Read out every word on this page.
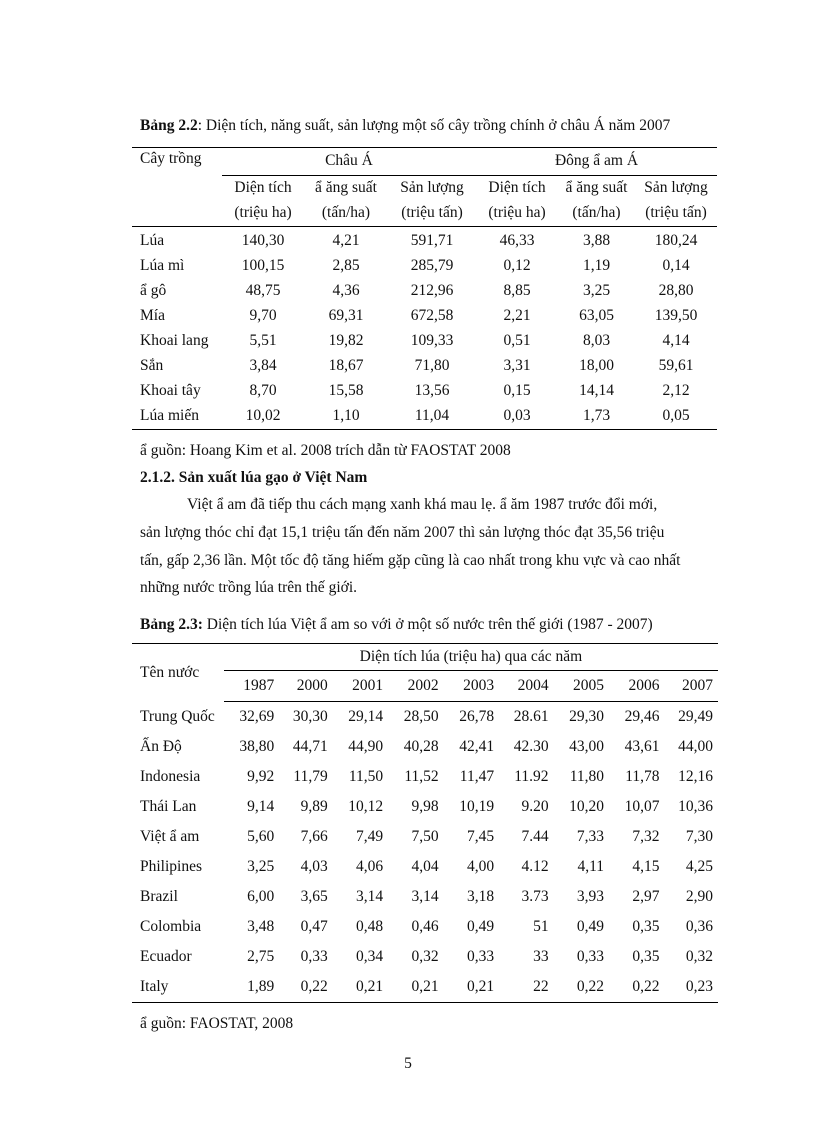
Bảng 2.2: Diện tích, năng suất, sản lượng một số cây trồng chính ở châu Á năm 2007
Cây trồng	Châu Á			Đông ẩ am Á		
	Diện tích	ẩ ăng suất	Sản lượng	Diện tích	ẩ ăng suất	Sản lượng
	(triệu ha)	(tấn/ha)	(triệu tấn)	(triệu ha)	(tấn/ha)	(triệu tấn)
Lúa	140,30	4,21	591,71	46,33	3,88	180,24
Lúa mì	100,15	2,85	285,79	0,12	1,19	0,14
ẩ gô	48,75	4,36	212,96	8,85	3,25	28,80
Mía	9,70	69,31	672,58	2,21	63,05	139,50
Khoai lang	5,51	19,82	109,33	0,51	8,03	4,14
Sắn	3,84	18,67	71,80	3,31	18,00	59,61
Khoai tây	8,70	15,58	13,56	0,15	14,14	2,12
Lúa miến	10,02	1,10	11,04	0,03	1,73	0,05
ẩ guồn: Hoang Kim et al. 2008 trích dẫn từ FAOSTAT 2008
2.1.2. Sản xuất lúa gạo ở Việt Nam

Việt ẩ am đã tiếp thu cách mạng xanh khá mau lẹ. ẩ ăm 1987 trước đổi mới,

sản lượng thóc chỉ đạt 15,1 triệu tấn đến năm 2007 thì sản lượng thóc đạt 35,56 triệu

tấn, gấp 2,36 lần. Một tốc độ tăng hiếm gặp cũng là cao nhất trong khu vực và cao nhất

những nước trồng lúa trên thế giới.

Bảng 2.3: Diện tích lúa Việt ẩ am so với ở một số nước trên thế giới (1987 - 2007)
Tên nước	Diện tích lúa (triệu ha) qua các năm								
	1987	2000	2001	2002	2003	2004	2005	2006	2007
Trung Quốc	32,69	30,30	29,14	28,50	26,78	28.61	29,30	29,46	29,49
Ấn Độ	38,80	44,71	44,90	40,28	42,41	42.30	43,00	43,61	44,00
Indonesia	9,92	11,79	11,50	11,52	11,47	11.92	11,80	11,78	12,16
Thái Lan	9,14	9,89	10,12	9,98	10,19	9.20	10,20	10,07	10,36
Việt ẩ am	5,60	7,66	7,49	7,50	7,45	7.44	7,33	7,32	7,30
Philipines	3,25	4,03	4,06	4,04	4,00	4.12	4,11	4,15	4,25
Brazil	6,00	3,65	3,14	3,14	3,18	3.73	3,93	2,97	2,90
Colombia	3,48	0,47	0,48	0,46	0,49	51	0,49	0,35	0,36
Ecuador	2,75	0,33	0,34	0,32	0,33	33	0,33	0,35	0,32
Italy	1,89	0,22	0,21	0,21	0,21	22	0,22	0,22	0,23
ẩ guồn: FAOSTAT, 2008
5
